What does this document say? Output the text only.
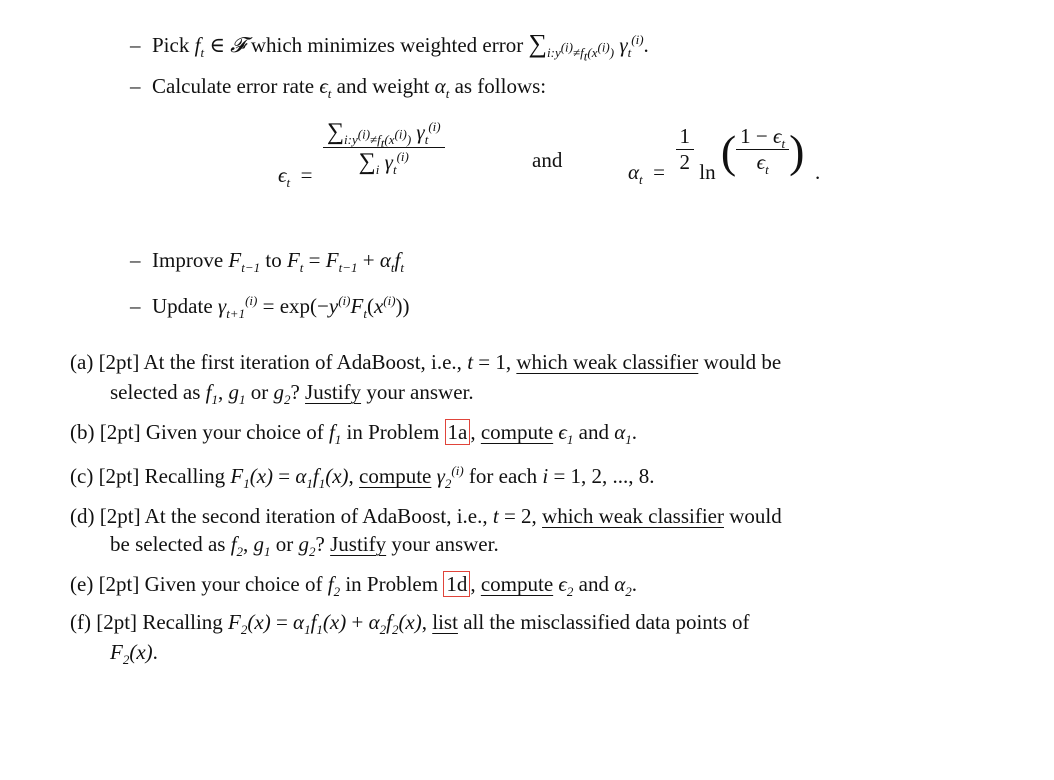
– Pick $f_t$ ∈ 𝓕 which minimizes weighted error $\sum_{i:y^{(i)}\ne f_t(x^{(i)})}$ $\gamma_t^{(i)}$.
– Calculate error rate $\epsilon_t$ and weight $\alpha_t$ as follows:
$\epsilon_t = \frac{\sum_{i:y^{(i)}\ne f_t(x^{(i)})} \gamma_t^{(i)}}{\sum_i \gamma_t^{(i)}}$	and	$\alpha_t = \frac{1}{2}$ ln ( $\frac{1 - \epsilon_t}{\epsilon_t}$ )  .
– Improve $F_{t-1}$ to $F_t = F_{t-1} + \alpha_tf_t$
– Update $\gamma_{t+1}^{(i)} = \exp(-y^{(i)}F_t(x^{(i)}))$
(a) [2pt] At the first iteration of AdaBoost, i.e., t = 1, which weak classifier would be
selected as $f_1$, $g_1$ or $g_2$? Justify your answer.
(b) [2pt] Given your choice of $f_1$ in Problem 1a , compute $\epsilon_1$ and $\alpha_1$.
(c) [2pt] Recalling $F_1(x) = \alpha_1f_1(x)$, compute $\gamma_2^{(i)}$ for each i = 1, 2, ..., 8.
(d) [2pt] At the second iteration of AdaBoost, i.e., t = 2, which weak classifier would
be selected as $f_2$, $g_1$ or $g_2$? Justify your answer.
(e) [2pt] Given your choice of $f_2$ in Problem 1d , compute $\epsilon_2$ and $\alpha_2$.
(f) [2pt] Recalling $F_2(x) = \alpha_1f_1(x) + \alpha_2f_2(x)$, list all the misclassified data points of
$F_2(x)$.
